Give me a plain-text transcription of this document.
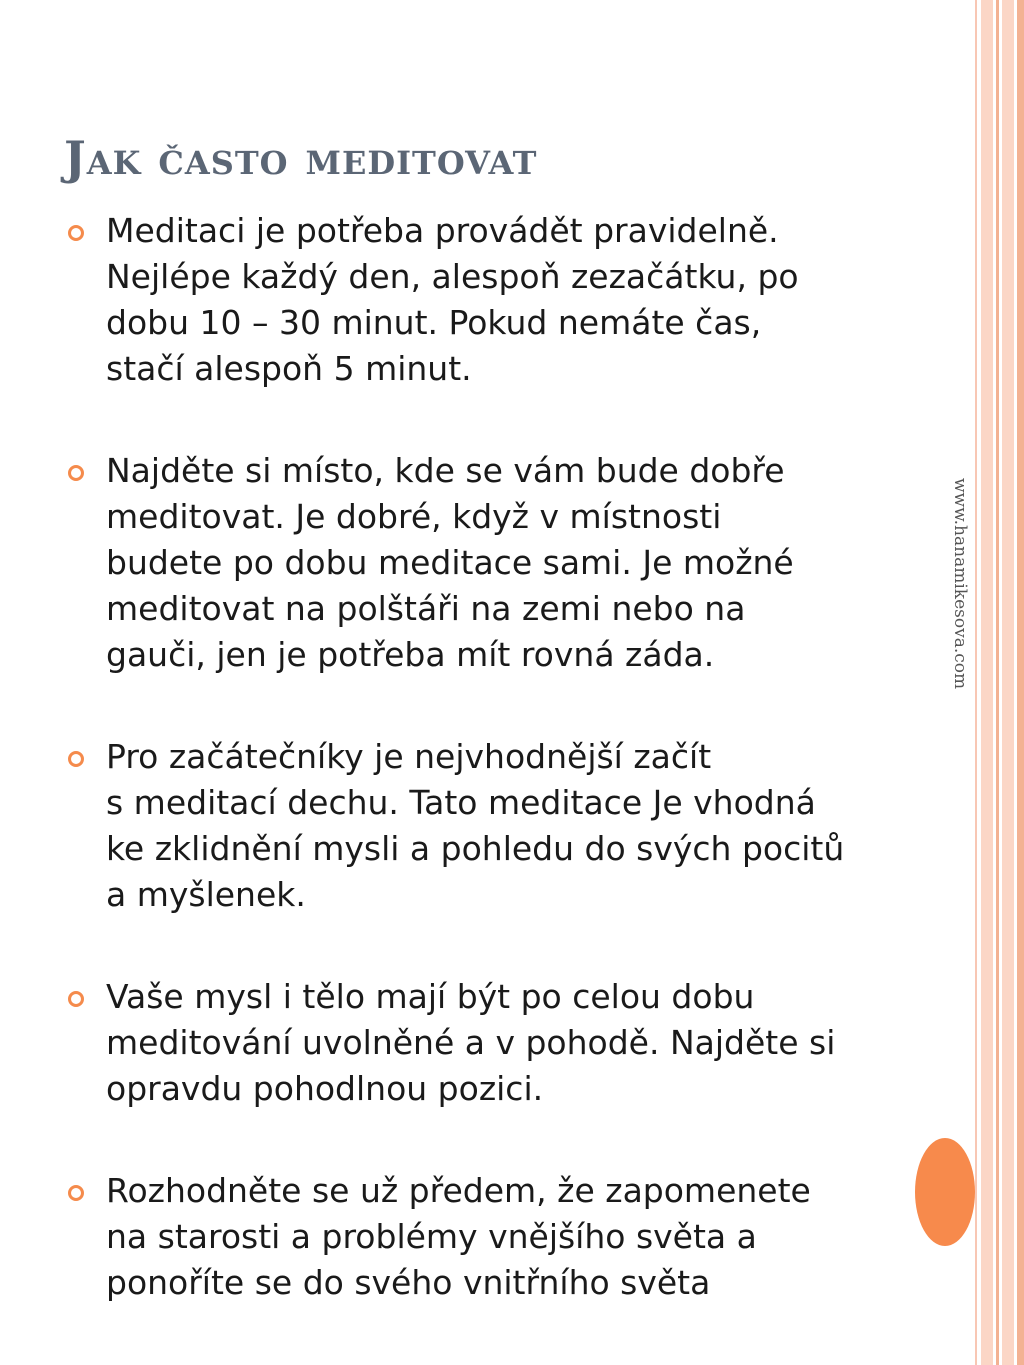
Jak často meditovat
Meditaci je potřeba provádět pravidelně.
Nejlépe každý den, alespoň zezačátku, po
dobu 10 – 30 minut. Pokud nemáte čas,
stačí alespoň 5 minut.
Najděte si místo, kde se vám bude dobře
meditovat. Je dobré, když v místnosti
budete po dobu meditace sami. Je možné
meditovat na polštáři na zemi nebo na
gauči, jen je potřeba mít rovná záda.
Pro začátečníky je nejvhodnější začít
s meditací dechu. Tato meditace Je vhodná
ke zklidnění mysli a pohledu do svých pocitů
a myšlenek.
Vaše mysl i tělo mají být po celou dobu
meditování uvolněné a v pohodě. Najděte si
opravdu pohodlnou pozici.
Rozhodněte se už předem, že zapomenete
na starosti a problémy vnějšího světa a
ponoříte se do svého vnitřního světa
www.hanamikesova.com
